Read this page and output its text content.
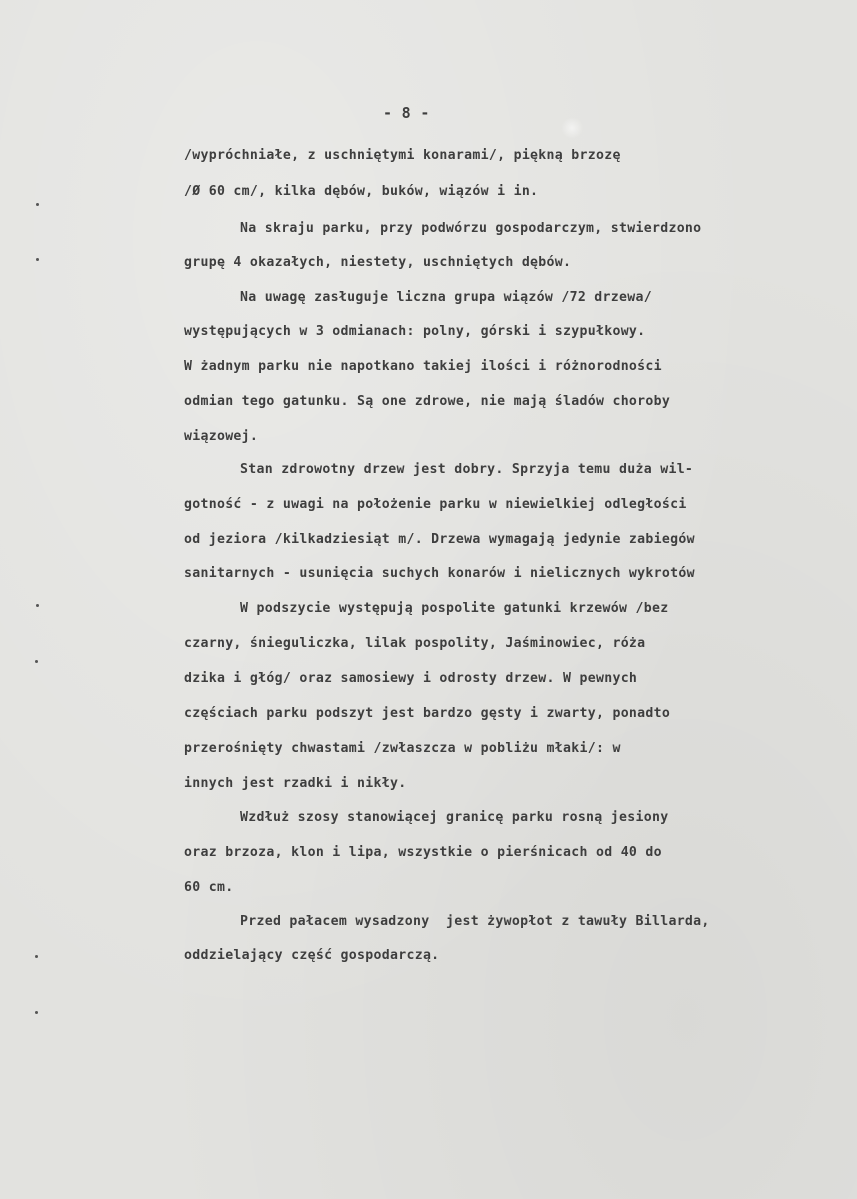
- 8 -
/wypróchniałe, z uschniętymi konarami/, piękną brzozę
/Ø 60 cm/, kilka dębów, buków, wiązów i in.
Na skraju parku, przy podwórzu gospodarczym, stwierdzono
grupę 4 okazałych, niestety, uschniętych dębów.
Na uwagę zasługuje liczna grupa wiązów /72 drzewa/
występujących w 3 odmianach: polny, górski i szypułkowy.
W żadnym parku nie napotkano takiej ilości i różnorodności
odmian tego gatunku. Są one zdrowe, nie mają śladów choroby
wiązowej.
Stan zdrowotny drzew jest dobry. Sprzyja temu duża wil-
gotność - z uwagi na położenie parku w niewielkiej odległości
od jeziora /kilkadziesiąt m/. Drzewa wymagają jedynie zabiegów
sanitarnych - usunięcia suchych konarów i nielicznych wykrotów
W podszycie występują pospolite gatunki krzewów /bez
czarny, śnieguliczka, lilak pospolity, Jaśminowiec, róża
dzika i głóg/ oraz samosiewy i odrosty drzew. W pewnych
częściach parku podszyt jest bardzo gęsty i zwarty, ponadto
przerośnięty chwastami /zwłaszcza w pobliżu młaki/: w
innych jest rzadki i nikły.
Wzdłuż szosy stanowiącej granicę parku rosną jesiony
oraz brzoza, klon i lipa, wszystkie o pierśnicach od 40 do
60 cm.
Przed pałacem wysadzony  jest żywopłot z tawuły Billarda,
oddzielający część gospodarczą.
